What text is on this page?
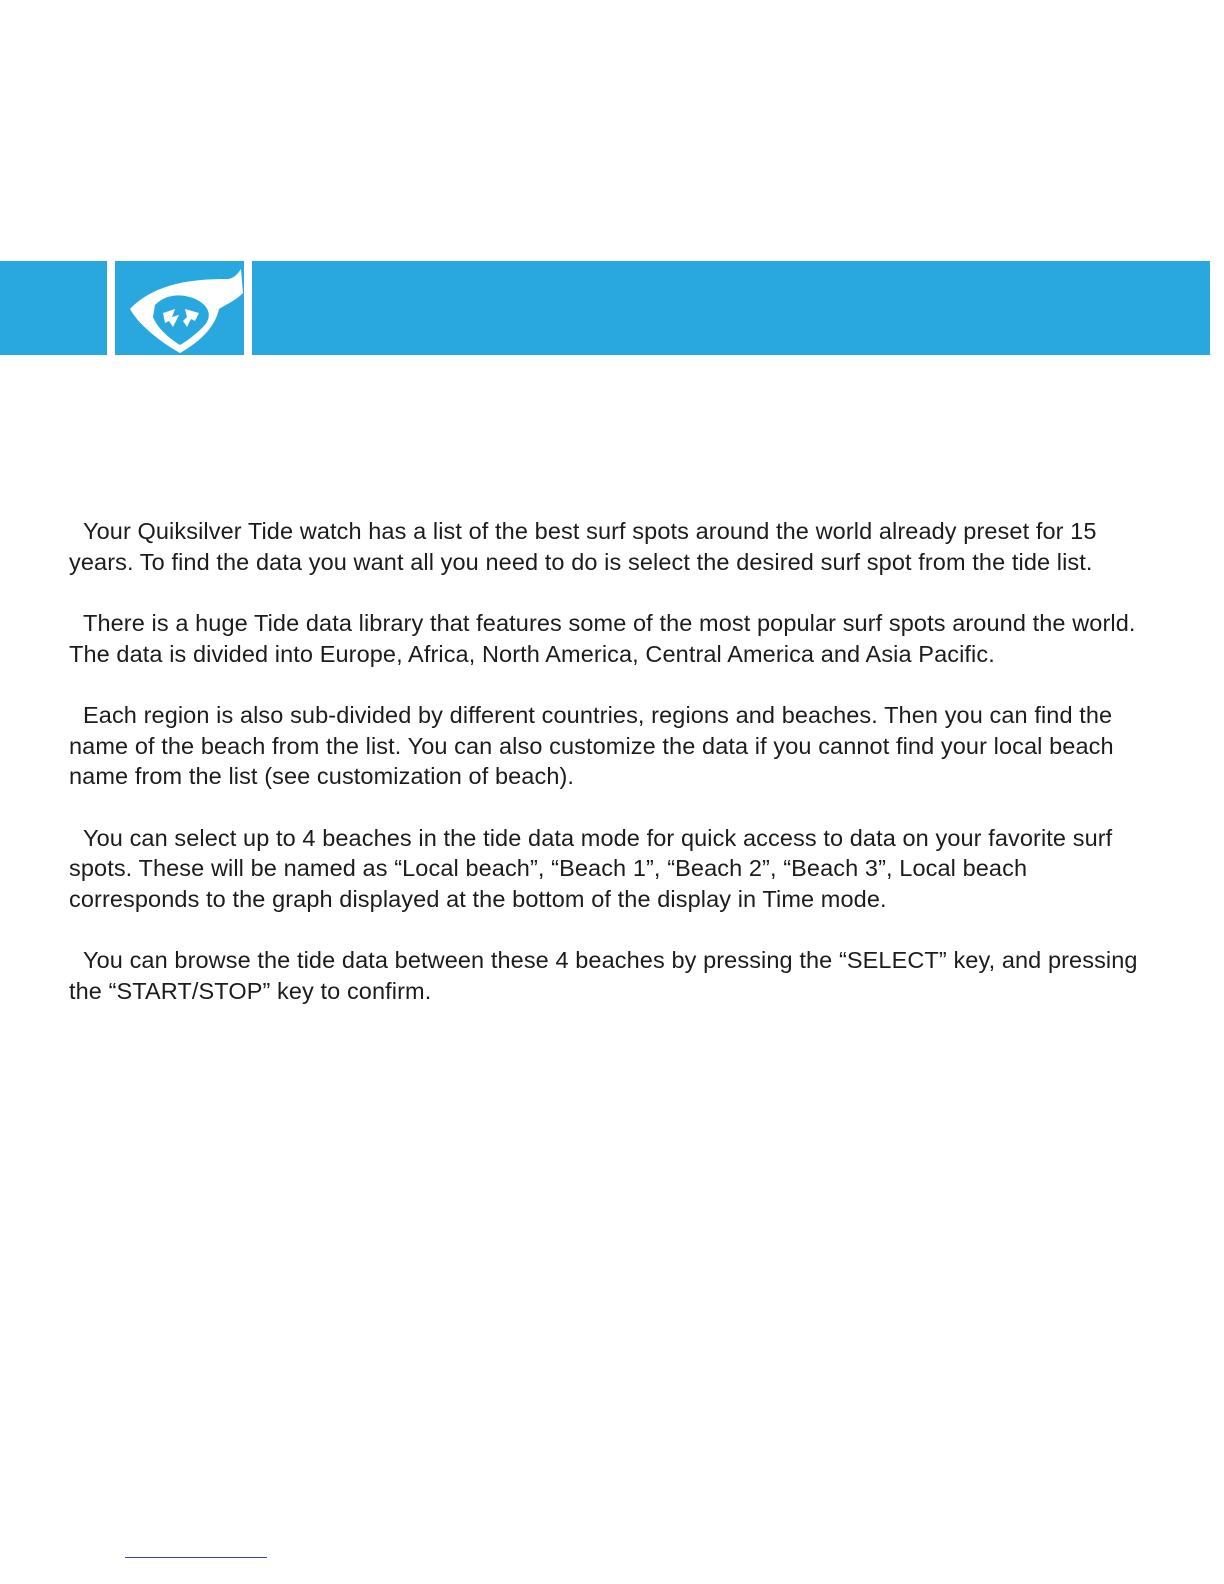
Your Quiksilver Tide watch has a list of the best surf spots around the world already preset for 15 years. To find the data you want all you need to do is select the desired surf spot from the tide list.

There is a huge Tide data library that features some of the most popular surf spots around the world. The data is divided into Europe, Africa, North America, Central America and Asia Pacific.

Each region is also sub-divided by different countries, regions and beaches. Then you can find the name of the beach from the list. You can also customize the data if you cannot find your local beach name from the list (see customization of beach).

You can select up to 4 beaches in the tide data mode for quick access to data on your favorite surf spots. These will be named as “Local beach”, “Beach 1”, “Beach 2”, “Beach 3”, Local beach corresponds to the graph displayed at the bottom of the display in Time mode.

You can browse the tide data between these 4 beaches by pressing the “SELECT” key, and pressing the “START/STOP” key to confirm.
